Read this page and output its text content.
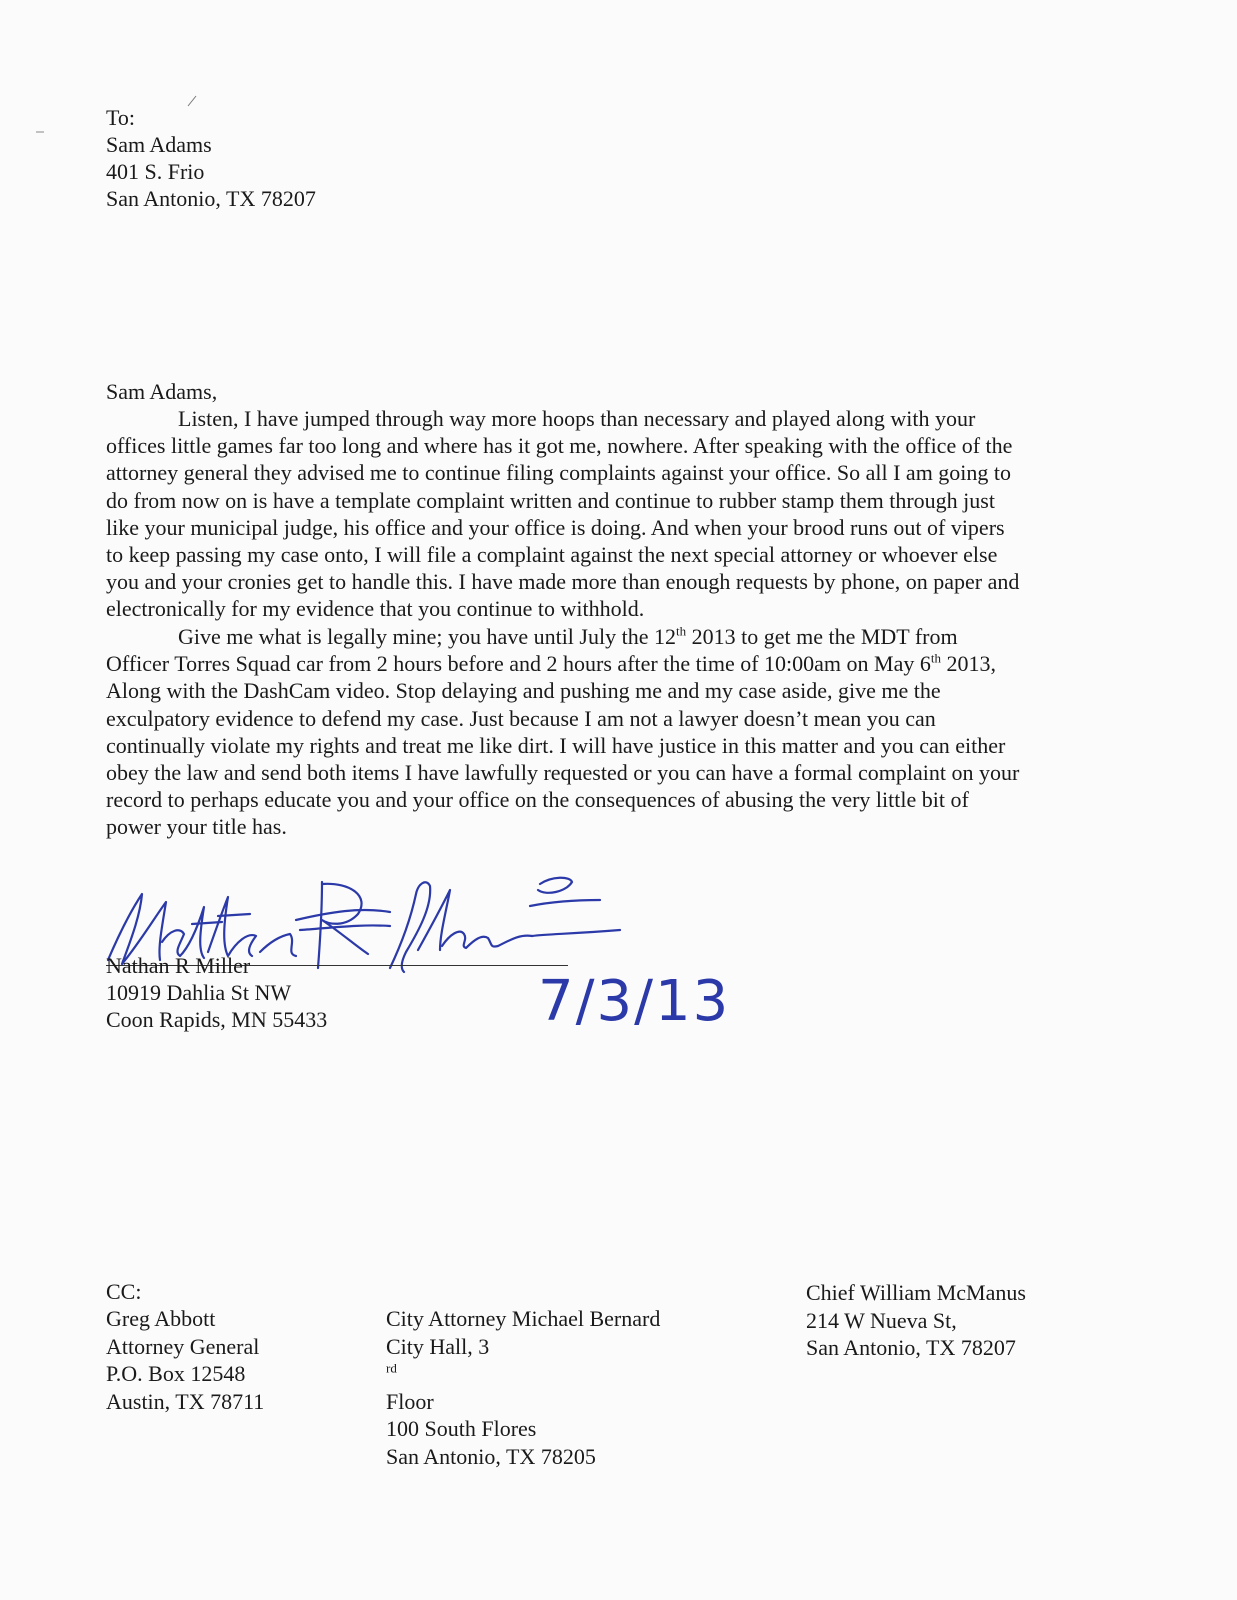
To:
Sam Adams
401 S. Frio
San Antonio, TX 78207
Sam Adams,
Listen, I have jumped through way more hoops than necessary and played along with your
offices little games far too long and where has it got me, nowhere. After speaking with the office of the
attorney general they advised me to continue filing complaints against your office. So all I am going to
do from now on is have a template complaint written and continue to rubber stamp them through just
like your municipal judge, his office and your office is doing. And when your brood runs out of vipers
to keep passing my case onto, I will file a complaint against the next special attorney or whoever else
you and your cronies get to handle this. I have made more than enough requests by phone, on paper and
electronically for my evidence that you continue to withhold.
Give me what is legally mine; you have until July the 12th 2013 to get me the MDT from
Officer Torres Squad car from 2 hours before and 2 hours after the time of 10:00am on May 6th 2013,
Along with the DashCam video. Stop delaying and pushing me and my case aside, give me the
exculpatory evidence to defend my case. Just because I am not a lawyer doesn’t mean you can
continually violate my rights and treat me like dirt. I will have justice in this matter and you can either
obey the law and send both items I have lawfully requested or you can have a formal complaint on your
record to perhaps educate you and your office on the consequences of abusing the very little bit of
power your title has.
7/3/13
Nathan R Miller
10919 Dahlia St NW
Coon Rapids, MN 55433
CC:
Greg Abbott
Attorney General
P.O. Box 12548
Austin, TX 78711
City Attorney Michael Bernard
City Hall, 3
$^{rd}$
Floor
100 South Flores
San Antonio, TX 78205
Chief William McManus
214 W Nueva St,
San Antonio, TX 78207
